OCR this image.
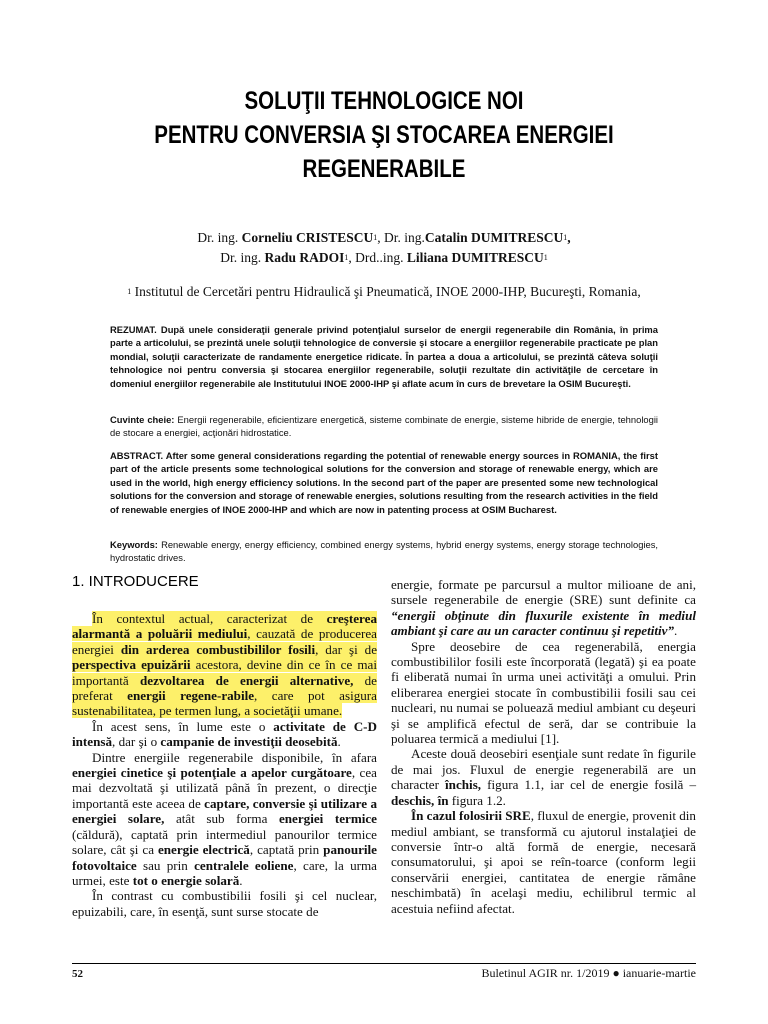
SOLUŢII TEHNOLOGICE NOI
PENTRU CONVERSIA ŞI STOCAREA ENERGIEI
REGENERABILE
Dr. ing. Corneliu CRISTESCU$^1$, Dr. ing.Catalin DUMITRESCU$^1$,
Dr. ing. Radu RADOI$^1$, Drd..ing. Liliana DUMITRESCU$^1$
$^1$ Institutul de Cercetări pentru Hidraulică şi Pneumatică, INOE 2000-IHP, Bucureşti, Romania,
REZUMAT. După unele consideraţii generale privind potenţialul surselor de energii regenerabile din România, în prima parte a articolului, se prezintă unele soluţii tehnologice de conversie şi stocare a energiilor regenerabile practicate pe plan mondial, soluţii caracterizate de randamente energetice ridicate. În partea a doua a articolului, se prezintă câteva soluţii tehnologice noi pentru conversia şi stocarea energiilor regenerabile, soluţii rezultate din activităţile de cercetare în domeniul energiilor regenerabile ale Institutului INOE 2000-IHP şi aflate acum în curs de brevetare la OSIM Bucureşti.
Cuvinte cheie: Energii regenerabile, eficientizare energetică, sisteme combinate de energie, sisteme hibride de energie, tehnologii de stocare a energiei, acţionări hidrostatice.
ABSTRACT. After some general considerations regarding the potential of renewable energy sources in ROMANIA, the first part of the article presents some technological solutions for the conversion and storage of renewable energy, which are used in the world, high energy efficiency solutions. In the second part of the paper are presented some new technological solutions for the conversion and storage of renewable energies, solutions resulting from the research activities in the field of renewable energies of INOE 2000-IHP and which are now in patenting process at OSIM Bucharest.
Keywords: Renewable energy, energy efficiency, combined energy systems, hybrid energy systems, energy storage technologies, hydrostatic drives.
1. INTRODUCERE

În contextul actual, caracterizat de creşterea alarmantă a poluării mediului, cauzată de producerea energiei din arderea combustibililor fosili, dar şi de perspectiva epuizării acestora, devine din ce în ce mai importantă dezvoltarea de energii alternative, de preferat energii regene-rabile, care pot asigura sustenabilitatea, pe termen lung, a societăţii umane.

În acest sens, în lume este o activitate de C-D intensă, dar şi o campanie de investiţii deosebită.

Dintre energiile regenerabile disponibile, în afara energiei cinetice şi potenţiale a apelor curgătoare, cea mai dezvoltată şi utilizată până în prezent, o direcţie importantă este aceea de captare, conversie şi utilizare a energiei solare, atât sub forma energiei termice (căldură), captată prin intermediul panourilor termice solare, cât şi ca energie electrică, captată prin panourile fotovoltaice sau prin centralele eoliene, care, la urma urmei, este tot o energie solară.

În contrast cu combustibilii fosili şi cel nuclear, epuizabili, care, în esenţă, sunt surse stocate de

energie, formate pe parcursul a multor milioane de ani, sursele regenerabile de energie (SRE) sunt definite ca “energii obţinute din fluxurile existente în mediul ambiant şi care au un caracter continuu şi repetitiv”.

Spre deosebire de cea regenerabilă, energia combustibililor fosili este încorporată (legată) şi ea poate fi eliberată numai în urma unei activităţi a omului. Prin eliberarea energiei stocate în combustibilii fosili sau cei nucleari, nu numai se poluează mediul ambiant cu deşeuri şi se amplifică efectul de seră, dar se contribuie la poluarea termică a mediului [1].

Aceste două deosebiri esenţiale sunt redate în figurile de mai jos. Fluxul de energie regenerabilă are un character închis, figura 1.1, iar cel de energie fosilă – deschis, în figura 1.2.

În cazul folosirii SRE, fluxul de energie, provenit din mediul ambiant, se transformă cu ajutorul instalaţiei de conversie într-o altă formă de energie, necesară consumatorului, şi apoi se reîn-toarce (conform legii conservării energiei, cantitatea de energie rămâne neschimbată) în acelaşi mediu, echilibrul termic al acestuia nefiind afectat.

52	Buletinul AGIR nr. 1/2019 ● ianuarie-martie
